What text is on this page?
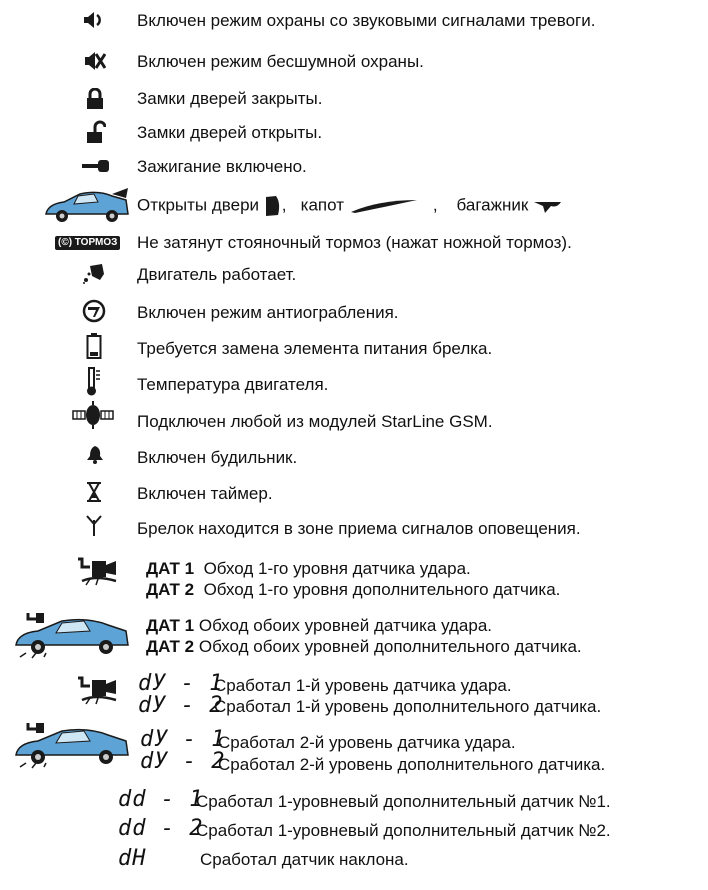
Включен режим охраны со звуковыми сигналами тревоги.
Включен режим бесшумной охраны.
Замки дверей закрыты.
Замки дверей открыты.
Зажигание включено.
Открыты двери , капот	, багажник
(©) ТОРМОЗ Не затянут стояночный тормоз (нажат ножной тормоз).
Двигатель работает.
Включен режим антиограбления.
Требуется замена элемента питания брелка.
Температура двигателя.
Подключен любой из модулей StarLine GSM.
Включен будильник.
Включен таймер.
Брелок находится в зоне приема сигналов оповещения.
ДАТ 1 Обход 1-го уровня датчика удара.
ДАТ 2 Обход 1-го уровня дополнительного датчика.
ДАТ 1 Обход обоих уровней датчика удара.
ДАТ 2 Обход обоих уровней дополнительного датчика.
dУ - 1
Сработал 1-й уровень датчика удара.
dУ - 2
Сработал 1-й уровень дополнительного датчика.
dУ - 1
Сработал 2-й уровень датчика удара.
dУ - 2
Сработал 2-й уровень дополнительного датчика.
dd - 1
Сработал 1-уровневый дополнительный датчик №1.
dd - 2
Сработал 1-уровневый дополнительный датчик №2.
dH	Сработал датчик наклона.
